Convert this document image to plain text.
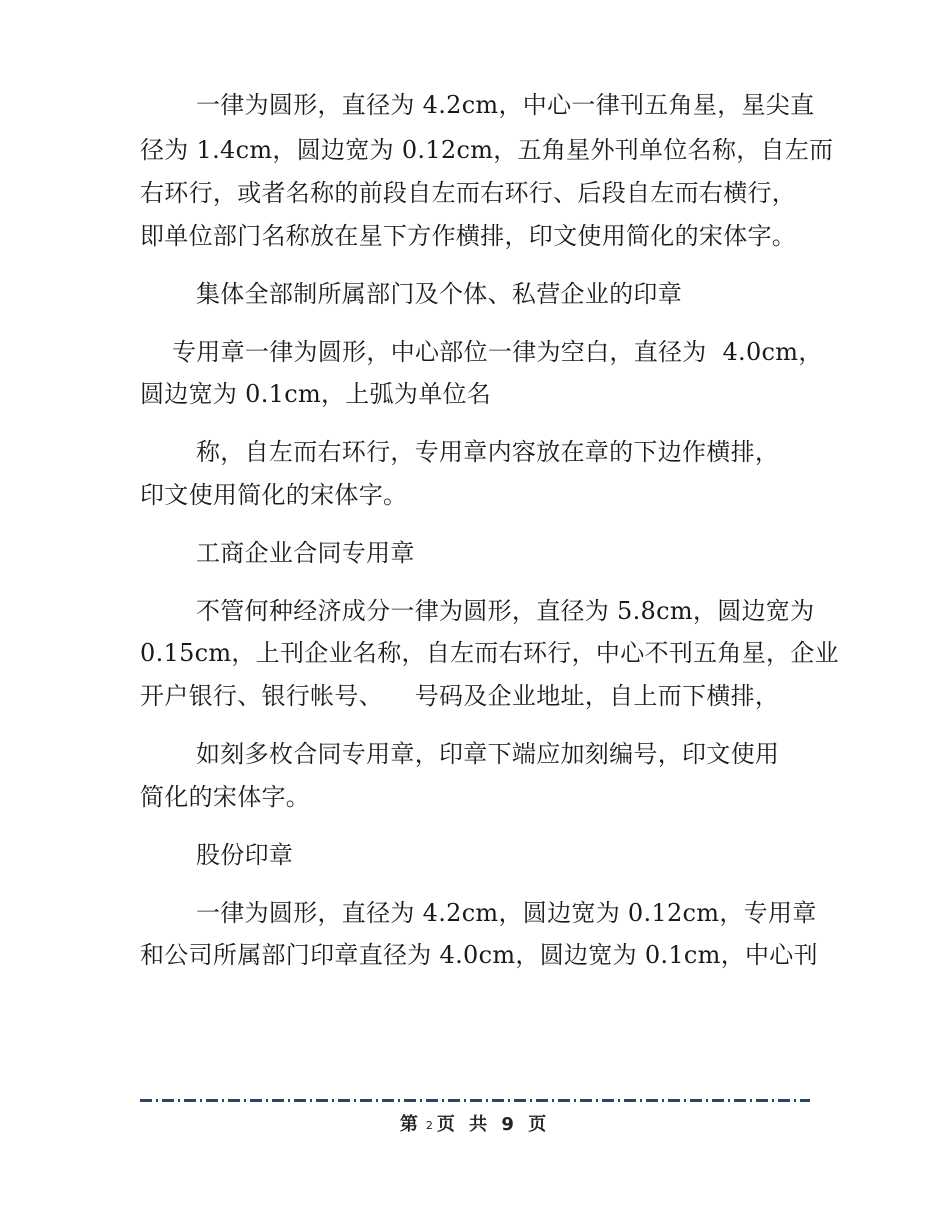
一律为圆形，直径为 4.2cm，中心一律刊五角星，星尖直
径为 1.4cm，圆边宽为 0.12cm，五角星外刊单位名称，自左而
右环行，或者名称的前段自左而右环行、后段自左而右横行，
即单位部门名称放在星下方作横排，印文使用简化的宋体字。
集体全部制所属部门及个体、私营企业的印章
专用章一律为圆形，中心部位一律为空白，直径为  4.0cm，
圆边宽为 0.1cm，上弧为单位名
称，自左而右环行，专用章内容放在章的下边作横排，
印文使用简化的宋体字。
工商企业合同专用章
不管何种经济成分一律为圆形，直径为 5.8cm，圆边宽为
0.15cm，上刊企业名称，自左而右环行，中心不刊五角星，企业
开户银行、银行帐号、    号码及企业地址，自上而下横排，
如刻多枚合同专用章，印章下端应加刻编号，印文使用
简化的宋体字。
股份印章
一律为圆形，直径为 4.2cm，圆边宽为 0.12cm，专用章
和公司所属部门印章直径为 4.0cm，圆边宽为 0.1cm，中心刊
第 2 页 共 9 页
